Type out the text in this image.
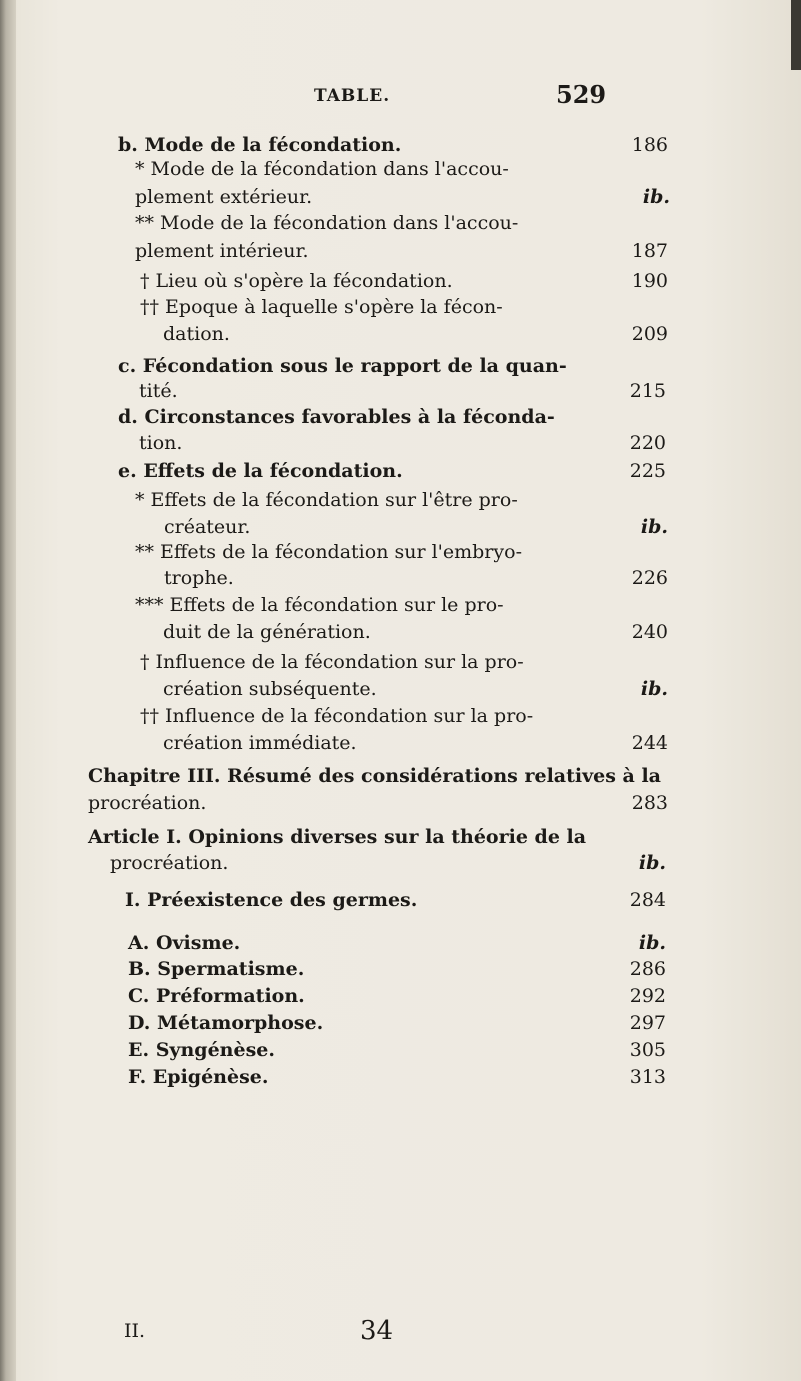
TABLE.	529
b. Mode de la fécondation.	186
* Mode de la fécondation dans l'accou-
plement extérieur.	ib.
** Mode de la fécondation dans l'accou-
plement intérieur.	187
† Lieu où s'opère la fécondation.	190
†† Epoque à laquelle s'opère la fécon-
dation.	209
c. Fécondation sous le rapport de la quan-
tité.	215
d. Circonstances favorables à la féconda-
tion.	220
e. Effets de la fécondation.	225
* Effets de la fécondation sur l'être pro-
créateur.	ib.
** Effets de la fécondation sur l'embryo-
trophe.	226
*** Effets de la fécondation sur le pro-
duit de la génération.	240
† Influence de la fécondation sur la pro-
création subséquente.	ib.
†† Influence de la fécondation sur la pro-
création immédiate.	244
Chapitre III. Résumé des considérations relatives à la
procréation.	283
Article I. Opinions diverses sur la théorie de la
procréation.	ib.
I. Préexistence des germes.	284
A. Ovisme.	ib.
B. Spermatisme.	286
C. Préformation.	292
D. Métamorphose.	297
E. Syngénèse.	305
F. Epigénèse.	313
II.	34
